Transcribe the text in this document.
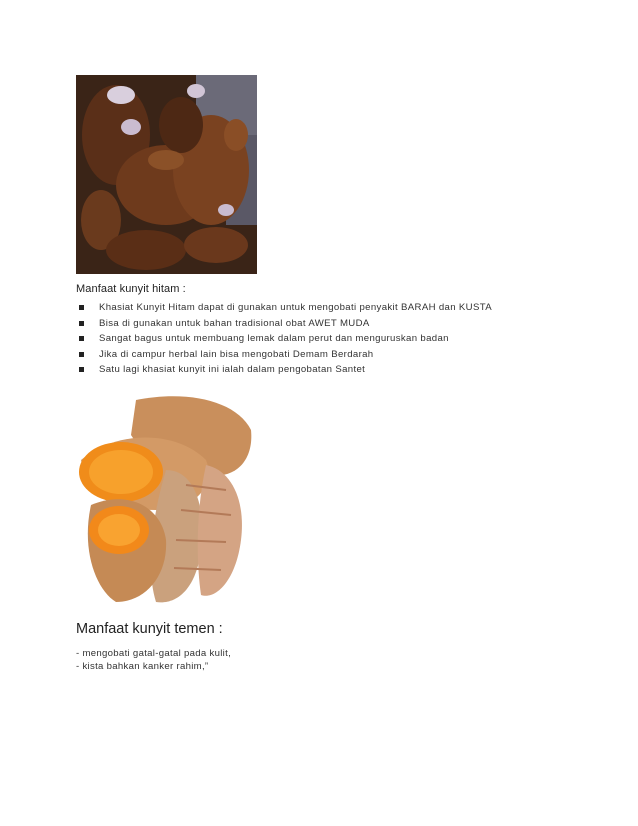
Manfaat kunyit hitam :
Khasiat Kunyit Hitam dapat di gunakan untuk mengobati penyakit BARAH dan KUSTA
Bisa di gunakan untuk bahan tradisional obat AWET MUDA
Sangat bagus untuk membuang lemak dalam perut dan menguruskan badan
Jika di campur herbal lain bisa mengobati Demam Berdarah
Satu lagi khasiat kunyit ini ialah dalam pengobatan Santet
Manfaat kunyit temen :
- mengobati gatal-gatal pada kulit,
- kista bahkan kanker rahim,”
